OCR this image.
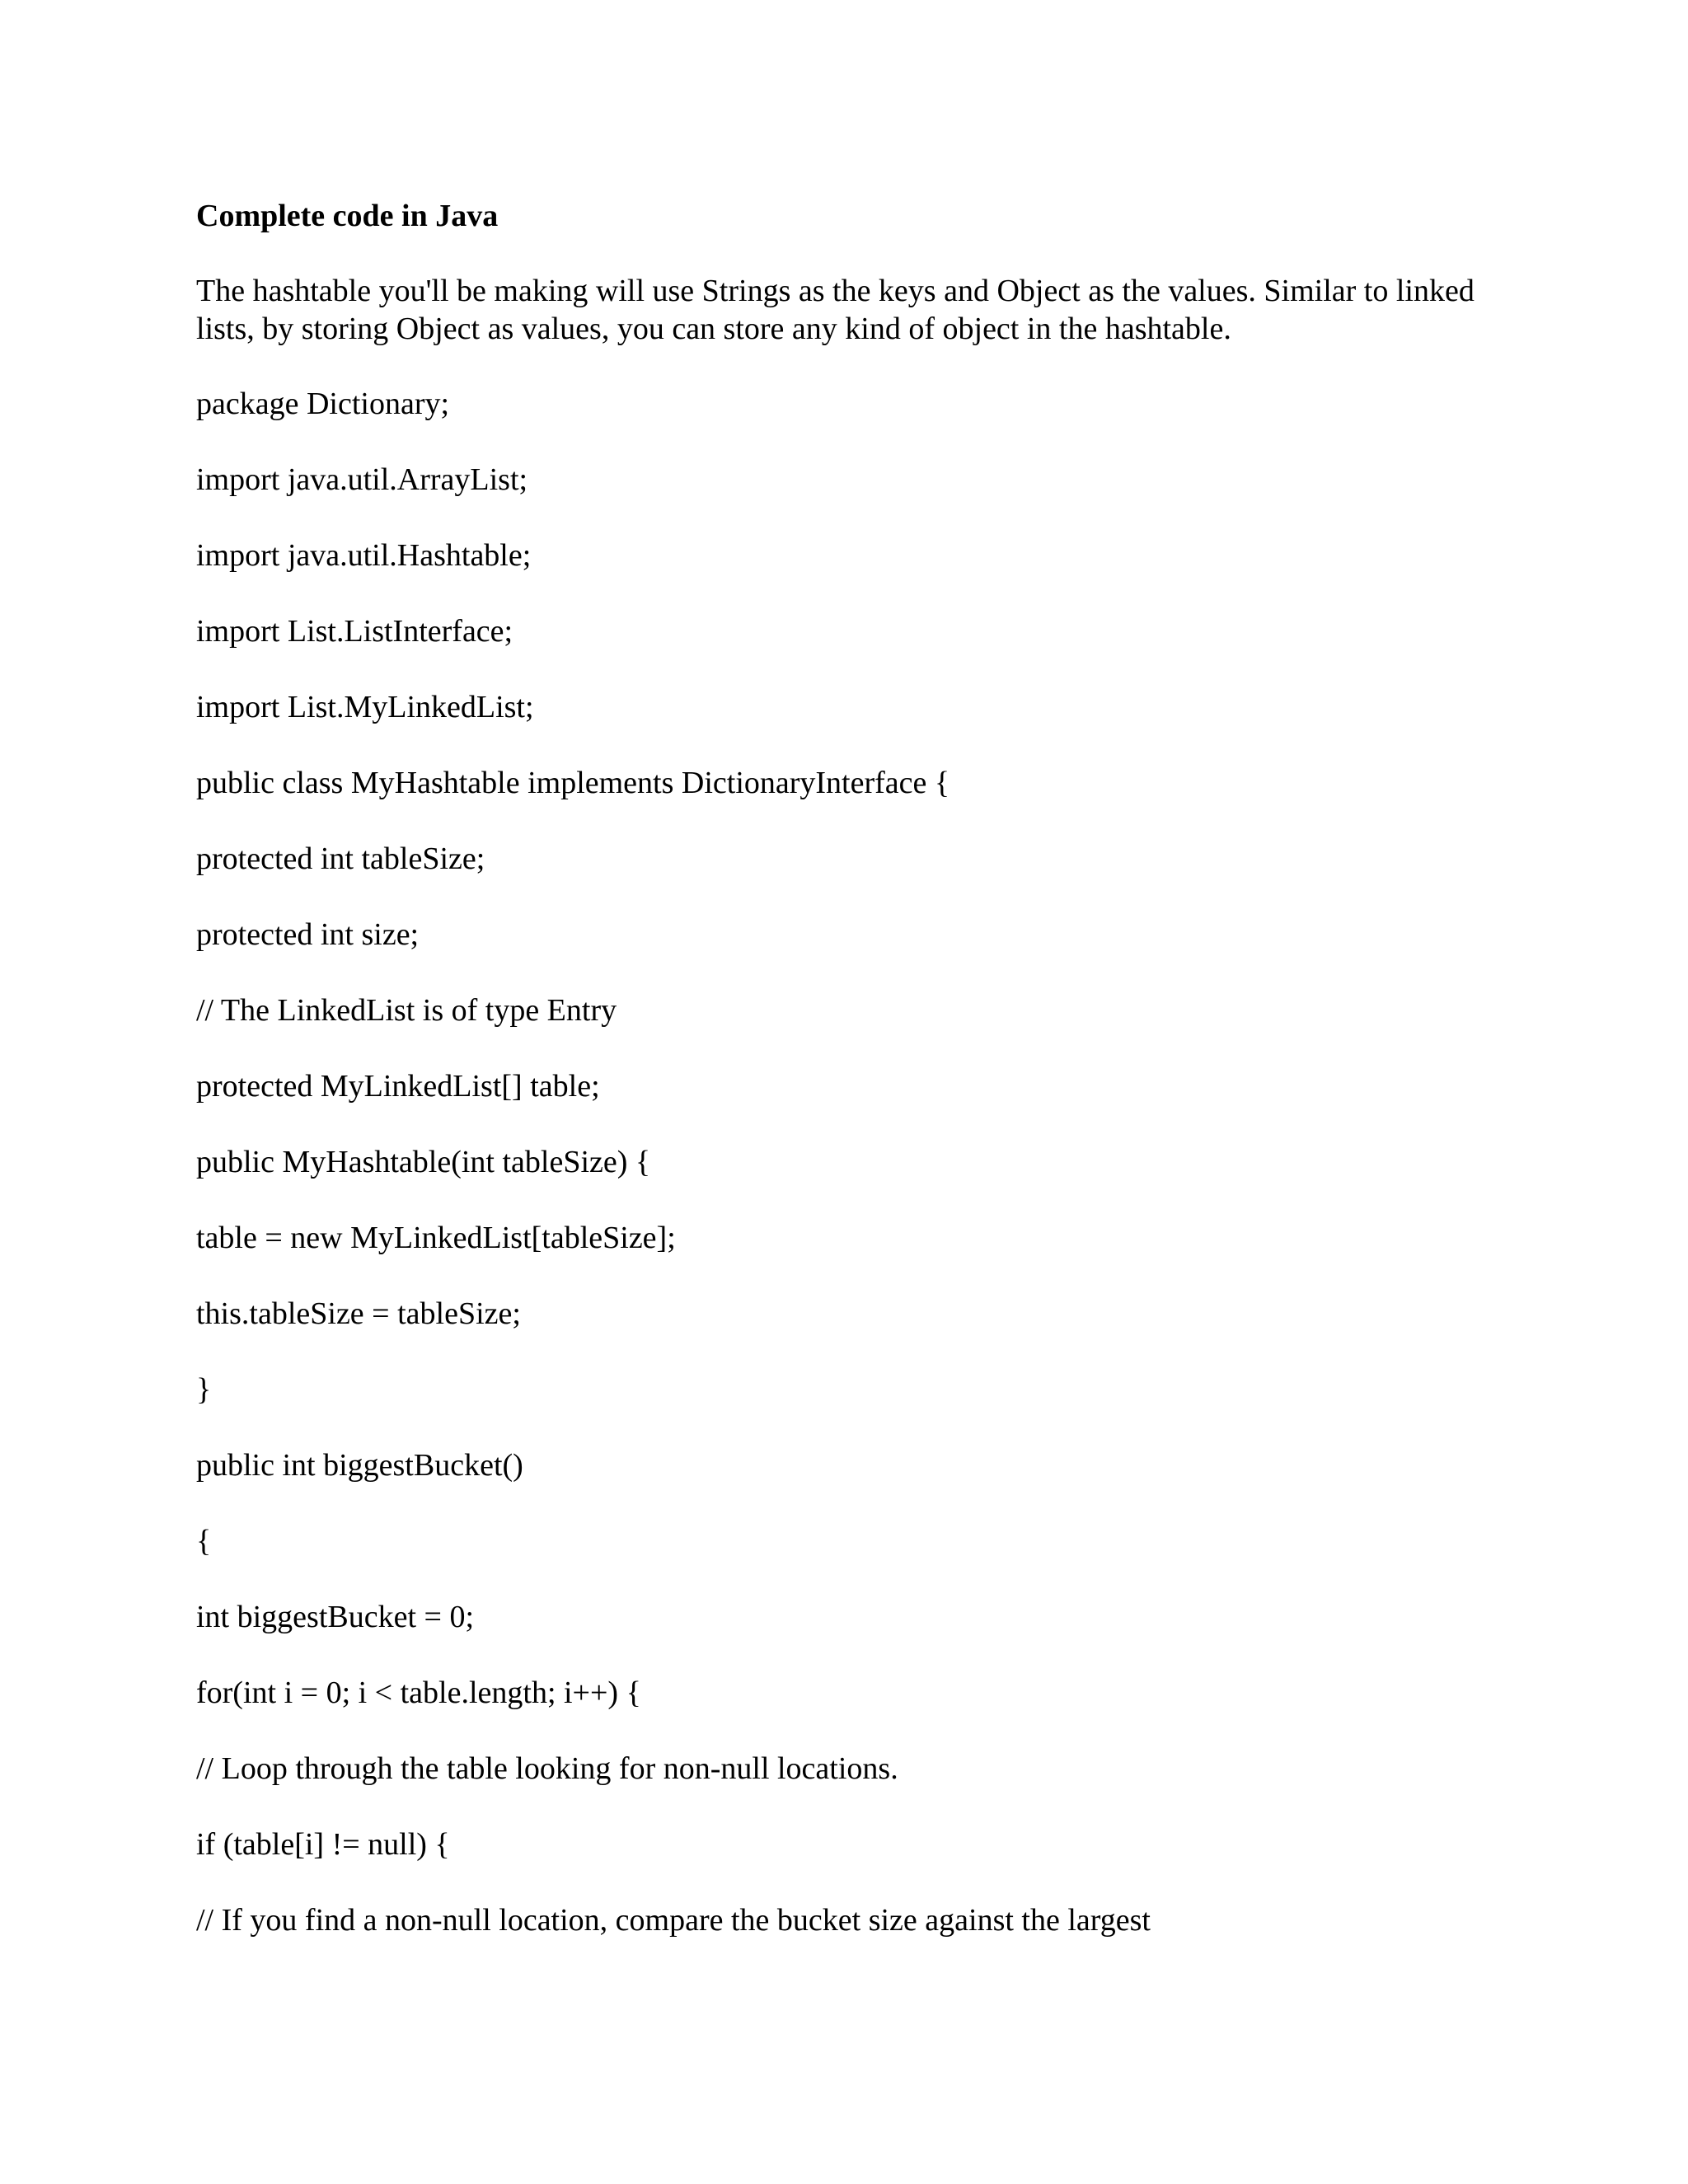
Complete code in Java

The hashtable you'll be making will use Strings as the keys and Object as the values. Similar to linked lists, by storing Object as values, you can store any kind of object in the hashtable.

package Dictionary;

import java.util.ArrayList;

import java.util.Hashtable;

import List.ListInterface;

import List.MyLinkedList;

public class MyHashtable implements DictionaryInterface {

protected int tableSize;

protected int size;

// The LinkedList is of type Entry

protected MyLinkedList[] table;

public MyHashtable(int tableSize) {

table = new MyLinkedList[tableSize];

this.tableSize = tableSize;

}

public int biggestBucket()

{

int biggestBucket = 0;

for(int i = 0; i < table.length; i++) {

// Loop through the table looking for non-null locations.

if (table[i] != null) {

// If you find a non-null location, compare the bucket size against the largest
